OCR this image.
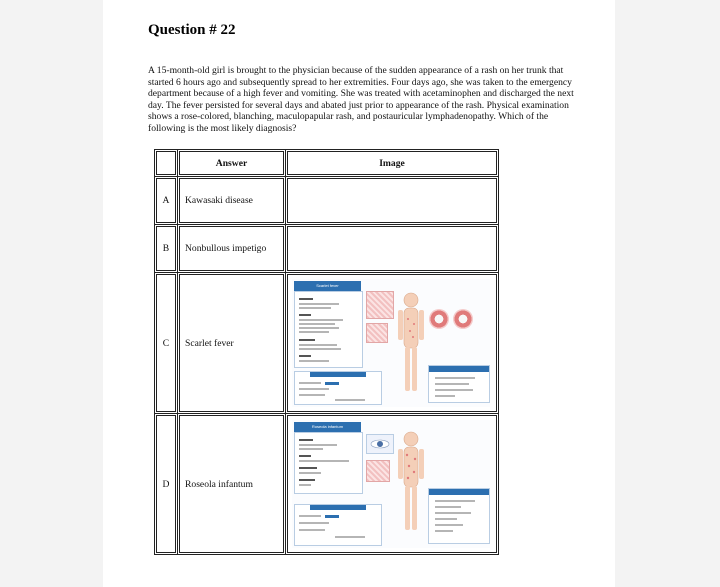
Question # 22
A 15-month-old girl is brought to the physician because of the sudden appearance of a rash on her trunk that started 6 hours ago and subsequently spread to her extremities. Four days ago, she was taken to the emergency department because of a high fever and vomiting. She was treated with acetaminophen and discharged the next day. The fever persisted for several days and abated just prior to appearance of the rash. Physical examination shows a rose-colored, blanching, maculopapular rash, and postauricular lymphadenopathy. Which of the following is the most likely diagnosis?
	Answer	Image
A	Kawasaki disease	
B	Nonbullous impetigo	
C	Scarlet fever	Scarlet fever

D	Roseola infantum	Roseola infantum
